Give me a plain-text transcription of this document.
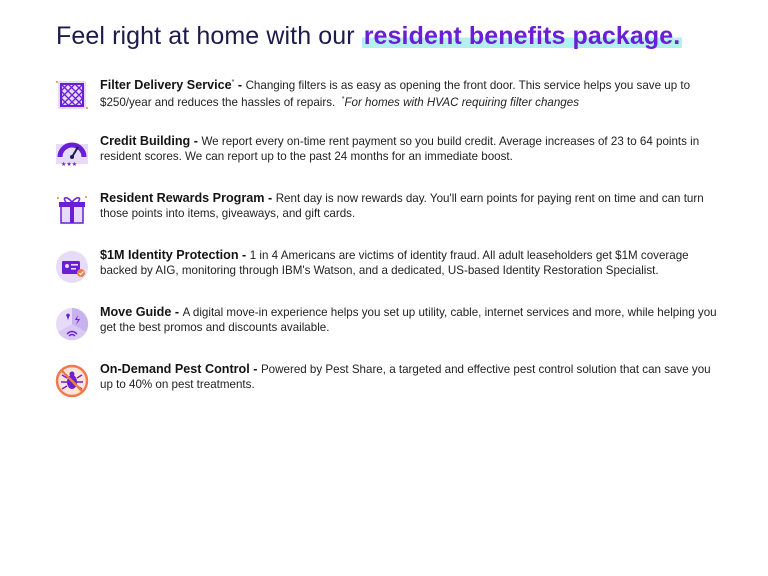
Feel right at home with our resident benefits package.
Filter Delivery Service* - Changing filters is as easy as opening the front door. This service helps you save up to $250/year and reduces the hassles of repairs. *For homes with HVAC requiring filter changes
★★★
Credit Building - We report every on-time rent payment so you build credit. Average increases of 23 to 64 points in resident scores. We can report up to the past 24 months for an immediate boost.
Resident Rewards Program - Rent day is now rewards day. You'll earn points for paying rent on time and can turn those points into items, giveaways, and gift cards.
$1M Identity Protection - 1 in 4 Americans are victims of identity fraud. All adult leaseholders get $1M coverage backed by AIG, monitoring through IBM's Watson, and a dedicated, US-based Identity Restoration Specialist.
Move Guide - A digital move-in experience helps you set up utility, cable, internet services and more, while helping you get the best promos and discounts available.
On-Demand Pest Control - Powered by Pest Share, a targeted and effective pest control solution that can save you up to 40% on pest treatments.
